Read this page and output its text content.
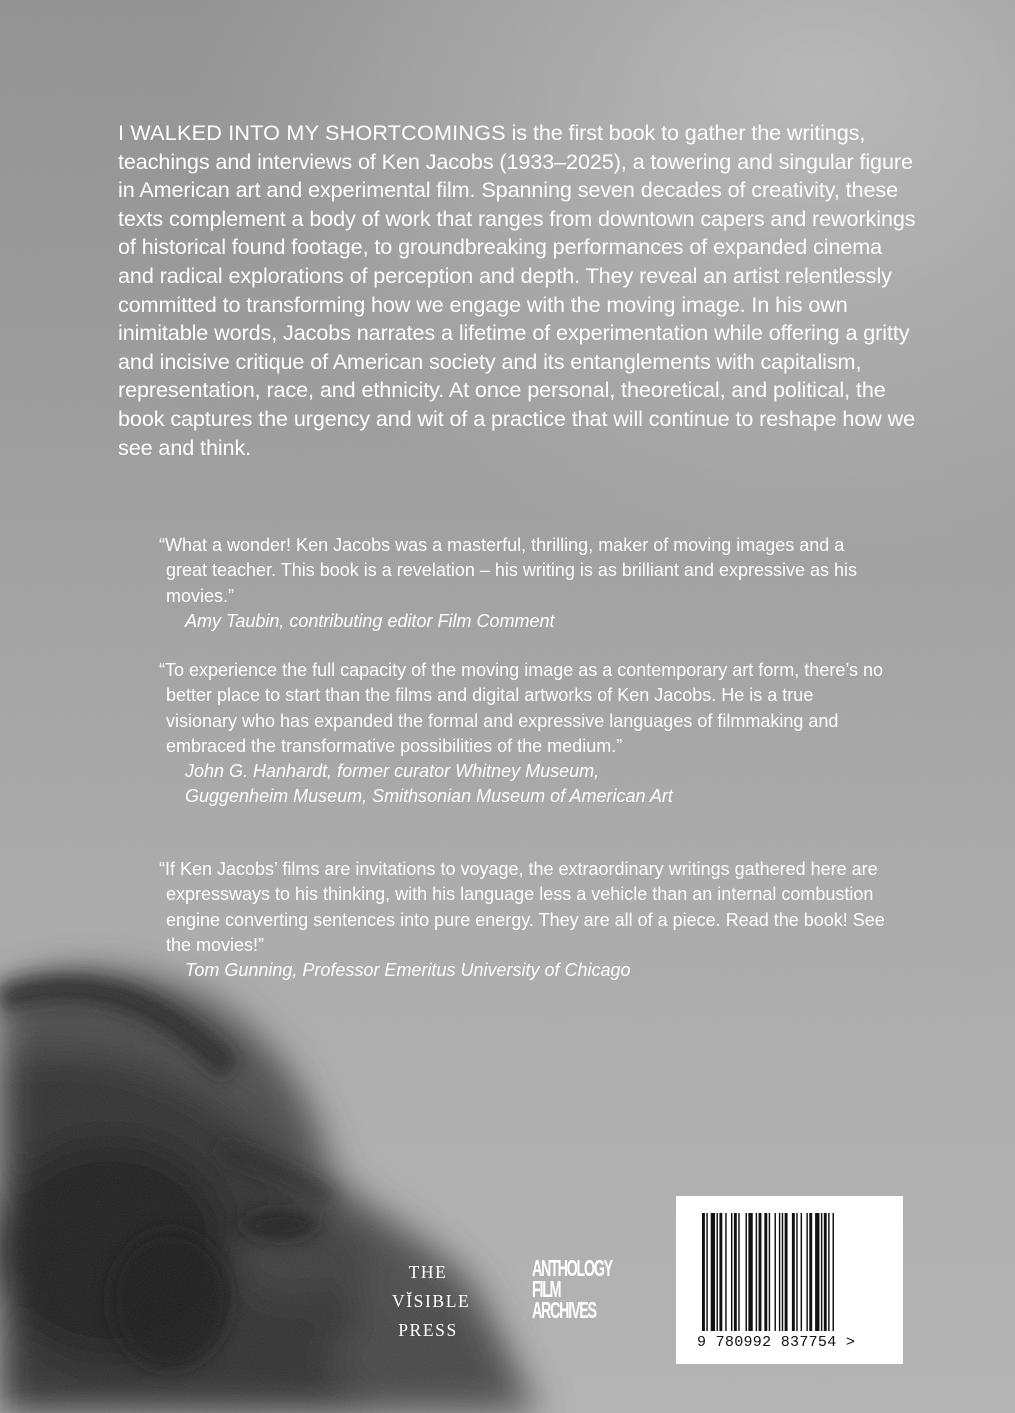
I WALKED INTO MY SHORTCOMINGS is the first book to gather the writings, teachings and interviews of Ken Jacobs (1933–2025), a towering and singular figure in American art and experimental film. Spanning seven decades of creativity, these texts complement a body of work that ranges from downtown capers and reworkings of historical found footage, to groundbreaking performances of expanded cinema and radical explorations of perception and depth. They reveal an artist relentlessly committed to transforming how we engage with the moving image. In his own inimitable words, Jacobs narrates a lifetime of experimentation while offering a gritty and incisive critique of American society and its entanglements with capitalism, representation, race, and ethnicity. At once personal, theoretical, and political, the book captures the urgency and wit of a practice that will continue to reshape how we see and think.

“What a wonder! Ken Jacobs was a masterful, thrilling, maker of moving images and a great teacher. This book is a revelation – his writing is as brilliant and expressive as his movies.”

Amy Taubin, contributing editor Film Comment

“To experience the full capacity of the moving image as a contemporary art form, there’s no better place to start than the films and digital artworks of Ken Jacobs. He is a true visionary who has expanded the formal and expressive languages of filmmaking and embraced the transformative possibilities of the medium.”

John G. Hanhardt, former curator Whitney Museum,

Guggenheim Museum, Smithsonian Museum of American Art

“If Ken Jacobs’ films are invitations to voyage, the extraordinary writings gathered here are expressways to his thinking, with his language less a vehicle than an internal combustion engine converting sentences into pure energy. They are all of a piece. Read the book! See the movies!”

Tom Gunning, Professor Emeritus University of Chicago

THE
VĬSIBLE
PRESS
ANTHOLOGY
FILM
ARCHIVES
9 780992 837754 >
